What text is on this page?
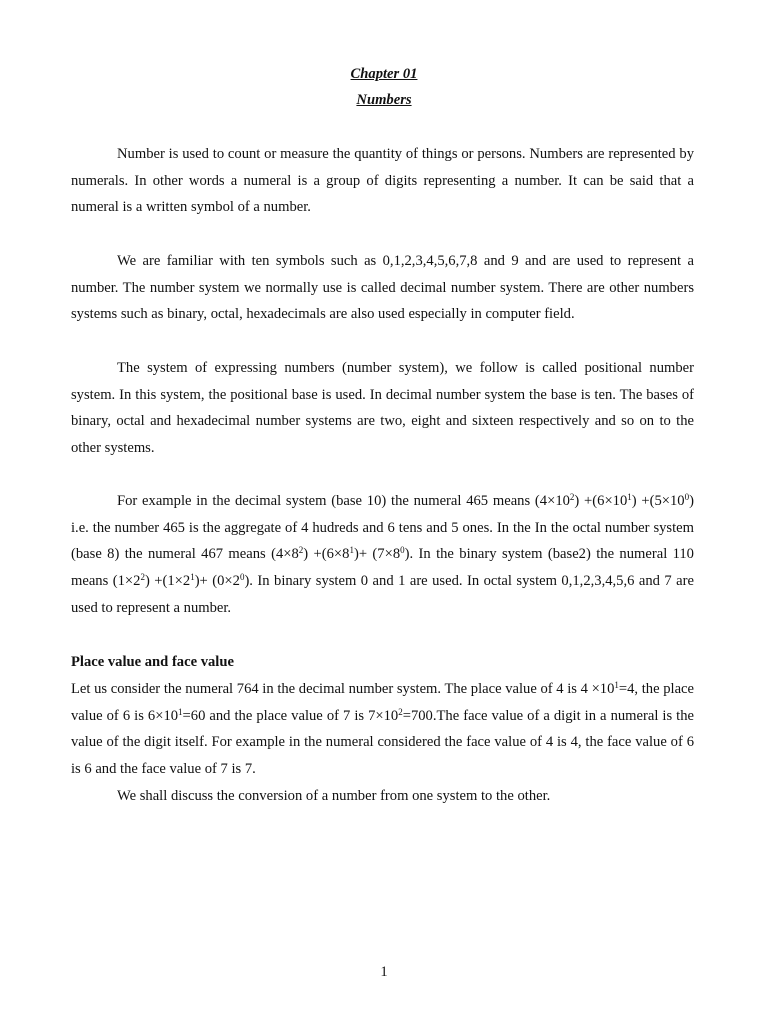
Chapter 01
Numbers

Number is used to count or measure the quantity of things or persons. Numbers are represented by numerals. In other words a numeral is a group of digits representing a number. It can be said that a numeral is a written symbol of a number.

We are familiar with ten symbols such as 0,1,2,3,4,5,6,7,8 and 9 and are used to represent a number. The number system we normally use is called decimal number system. There are other numbers systems such as binary, octal, hexadecimals are also used especially in computer field.

The system of expressing numbers (number system), we follow is called positional number system. In this system, the positional base is used. In decimal number system the base is ten. The bases of binary, octal and hexadecimal number systems are two, eight and sixteen respectively and so on to the other systems.

For example in the decimal system (base 10) the numeral 465 means $(4\times 10^2) +(6\times 10^1) +(5\times 10^0)$ i.e. the number 465 is the aggregate of 4 hudreds and 6 tens and 5 ones. In the In the octal number system (base 8) the numeral 467 means $(4\times 8^2) +(6\times 8^1)+ (7\times 8^0)$. In the binary system (base2) the numeral 110 means $(1\times 2^2) +(1\times 2^1)+ (0\times 2^0)$. In binary system 0 and 1 are used. In octal system 0,1,2,3,4,5,6 and 7 are used to represent a number.

Place value and face value

Let us consider the numeral 764 in the decimal number system. The place value of 4 is $4 \times 10^1=4$, the place value of 6 is $6\times 10^1=60$ and the place value of 7 is $7\times 10^2=700.The$ face value of a digit in a numeral is the value of the digit itself. For example in the numeral considered the face value of 4 is 4, the face value of 6 is 6 and the face value of 7 is 7.

We shall discuss the conversion of a number from one system to the other.

1
